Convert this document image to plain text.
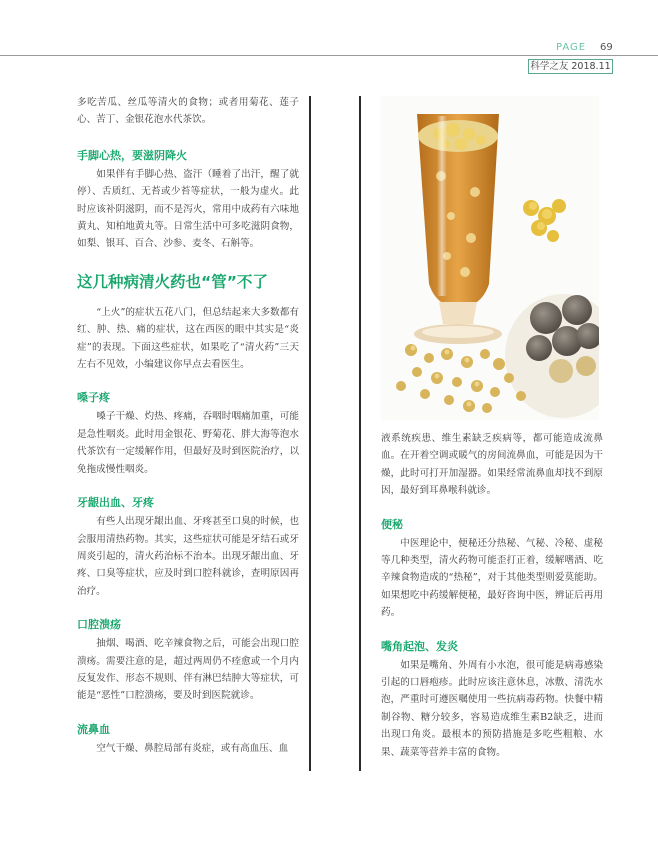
PAGE 69
科学之友 2018.11

多吃苦瓜、丝瓜等清火的食物；或者用菊花、莲子心、苦丁、金银花泡水代茶饮。

手脚心热，要滋阴降火

如果伴有手脚心热、盗汗（睡着了出汗，醒了就停）、舌质红、无苔或少苔等症状，一般为虚火。此时应该补阴滋阴，而不是泻火，常用中成药有六味地黄丸、知柏地黄丸等。日常生活中可多吃滋阴食物，如梨、银耳、百合、沙参、麦冬、石斛等。

这几种病清火药也“管”不了

“上火”的症状五花八门，但总结起来大多数都有红、肿、热、痛的症状，这在西医的眼中其实是“炎症”的表现。下面这些症状，如果吃了“清火药”三天左右不见效，小编建议你早点去看医生。

嗓子疼

嗓子干燥、灼热、疼痛，吞咽时咽痛加重，可能是急性咽炎。此时用金银花、野菊花、胖大海等泡水代茶饮有一定缓解作用，但最好及时到医院治疗，以免拖成慢性咽炎。

牙龈出血、牙疼

有些人出现牙龈出血、牙疼甚至口臭的时候，也会服用清热药物。其实，这些症状可能是牙结石或牙周炎引起的，清火药治标不治本。出现牙龈出血、牙疼、口臭等症状，应及时到口腔科就诊，查明原因再治疗。

口腔溃疡

抽烟、喝酒、吃辛辣食物之后，可能会出现口腔溃疡。需要注意的是，超过两周仍不痊愈或一个月内反复发作、形态不规则、伴有淋巴结肿大等症状，可能是“恶性”口腔溃疡，要及时到医院就诊。

流鼻血

空气干燥、鼻腔局部有炎症，或有高血压、血

液系统疾患、维生素缺乏疾病等，都可能造成流鼻血。在开着空调或暖气的房间流鼻血，可能是因为干燥，此时可打开加湿器。如果经常流鼻血却找不到原因，最好到耳鼻喉科就诊。

便秘

中医理论中，便秘还分热秘、气秘、冷秘、虚秘等几种类型，清火药物可能歪打正着，缓解嗜酒、吃辛辣食物造成的“热秘”，对于其他类型则爱莫能助。如果想吃中药缓解便秘，最好咨询中医，辨证后再用药。

嘴角起泡、发炎

如果是嘴角、外周有小水泡，很可能是病毒感染引起的口唇疱疹。此时应该注意休息，冰敷、清洗水泡，严重时可遵医嘱使用一些抗病毒药物。快餐中精制谷物、糖分较多，容易造成维生素B2缺乏，进而出现口角炎。最根本的预防措施是多吃些粗粮、水果、蔬菜等营养丰富的食物。
